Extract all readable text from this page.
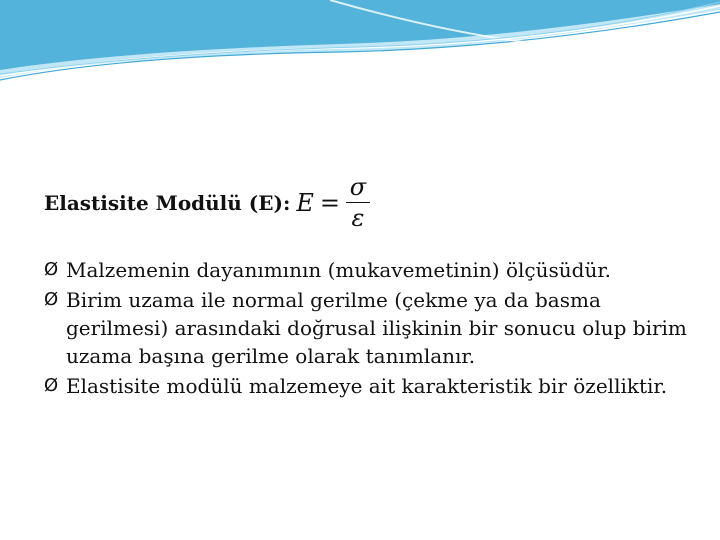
Elastisite Modülü (E): $E = \frac{\sigma}{\varepsilon}$
Ø Malzemenin dayanımının (mukavemetinin) ölçüsüdür.
Ø Birim uzama ile normal gerilme (çekme ya da basma gerilmesi) arasındaki doğrusal ilişkinin bir sonucu olup birim uzama başına gerilme olarak tanımlanır.
Ø Elastisite modülü malzemeye ait karakteristik bir özelliktir.
